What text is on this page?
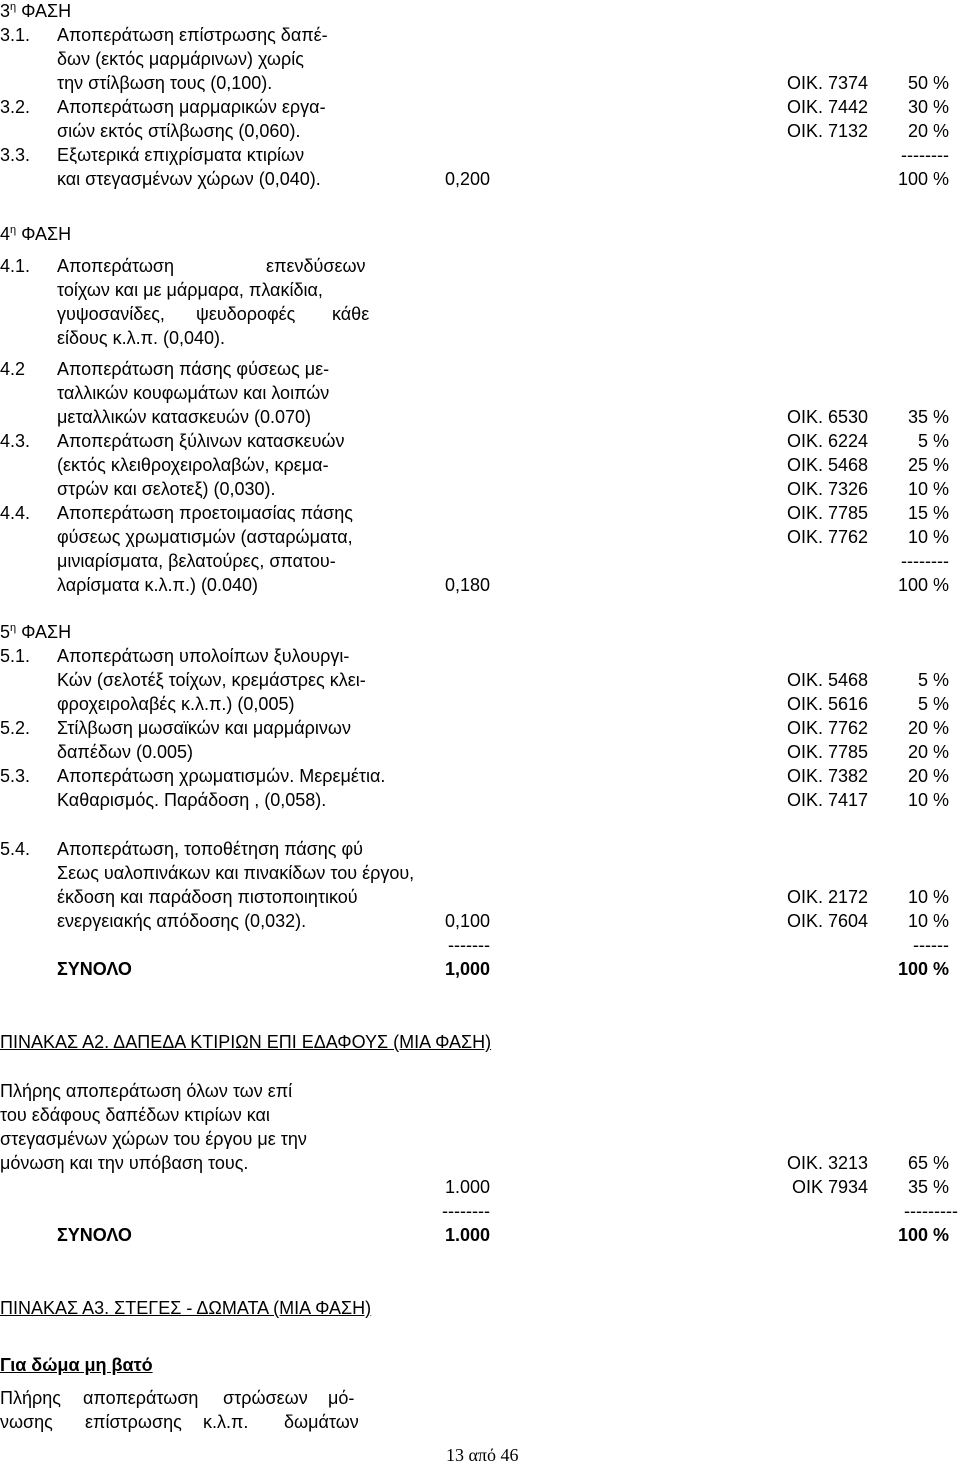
$3^\eta$ ΦΑΣΗ
3.1. Αποπεράτωση επίστρωσης δαπέ-
δων (εκτός μαρμάρινων) χωρίς
την στίλβωση τους (0,100).	ΟΙΚ. 7374 50 %
3.2. Αποπεράτωση μαρμαρικών εργα-	ΟΙΚ. 7442 30 %
σιών εκτός στίλβωσης (0,060).	ΟΙΚ. 7132 20 %
3.3. Εξωτερικά επιχρίσματα κτιρίων	--------
και στεγασμένων χώρων (0,040).	0,200	100 %
$4^\eta$ ΦΑΣΗ
4.1. Αποπεράτωση	επενδύσεων
τοίχων και με μάρμαρα, πλακίδια,
γυψοσανίδες, ψευδοροφές κάθε
είδους κ.λ.π. (0,040).
4.2 Αποπεράτωση πάσης φύσεως με-
ταλλικών κουφωμάτων και λοιπών
μεταλλικών κατασκευών (0.070)	ΟΙΚ. 6530 35 %
4.3. Αποπεράτωση ξύλινων κατασκευών	ΟΙΚ. 6224	5 %
(εκτός κλειθροχειρολαβών, κρεμα-	ΟΙΚ. 5468 25 %
στρών και σελοτεξ) (0,030).	ΟΙΚ. 7326 10 %
4.4. Αποπεράτωση προετοιμασίας πάσης	ΟΙΚ. 7785 15 %
φύσεως χρωματισμών (ασταρώματα,	ΟΙΚ. 7762 10 %
μινιαρίσματα, βελατούρες, σπατου-	--------
λαρίσματα κ.λ.π.) (0.040)	0,180	100 %
$5^\eta$ ΦΑΣΗ
5.1. Αποπεράτωση υπολοίπων ξυλουργι-
Κών (σελοτέξ τοίχων, κρεμάστρες κλει-	ΟΙΚ. 5468	5 %
φροχειρολαβές κ.λ.π.) (0,005)	ΟΙΚ. 5616	5 %
5.2. Στίλβωση μωσαϊκών και μαρμάρινων	ΟΙΚ. 7762 20 %
δαπέδων (0.005)	ΟΙΚ. 7785 20 %
5.3. Αποπεράτωση χρωματισμών. Μερεμέτια.	ΟΙΚ. 7382 20 %
Καθαρισμός. Παράδοση , (0,058).	ΟΙΚ. 7417 10 %
5.4. Αποπεράτωση, τοποθέτηση πάσης φύ
Σεως υαλοπινάκων και πινακίδων του έργου,
έκδοση και παράδοση πιστοποιητικού	ΟΙΚ. 2172 10 %
ενεργειακής απόδοσης (0,032).	0,100	ΟΙΚ. 7604 10 %
-------	------
ΣΥΝΟΛΟ	1,000	100 %
ΠΙΝΑΚΑΣ Α2. ΔΑΠΕΔΑ ΚΤΙΡΙΩΝ ΕΠΙ ΕΔΑΦΟΥΣ (ΜΙΑ ΦΑΣΗ)
Πλήρης αποπεράτωση όλων των επί
του εδάφους δαπέδων κτιρίων και
στεγασμένων χώρων του έργου με την
μόνωση και την υπόβαση τους.	ΟΙΚ. 3213 65 %
1.000	ΟΙΚ 7934 35 %
--------	---------
ΣΥΝΟΛΟ	1.000	100 %
ΠΙΝΑΚΑΣ Α3. ΣΤΕΓΕΣ - ΔΩΜΑΤΑ (ΜΙΑ ΦΑΣΗ)
Για δώμα μη βατό
Πλήρης αποπεράτωση στρώσεων μό-
νωσης επίστρωσης κ.λ.π. δωμάτων
13 από 46
